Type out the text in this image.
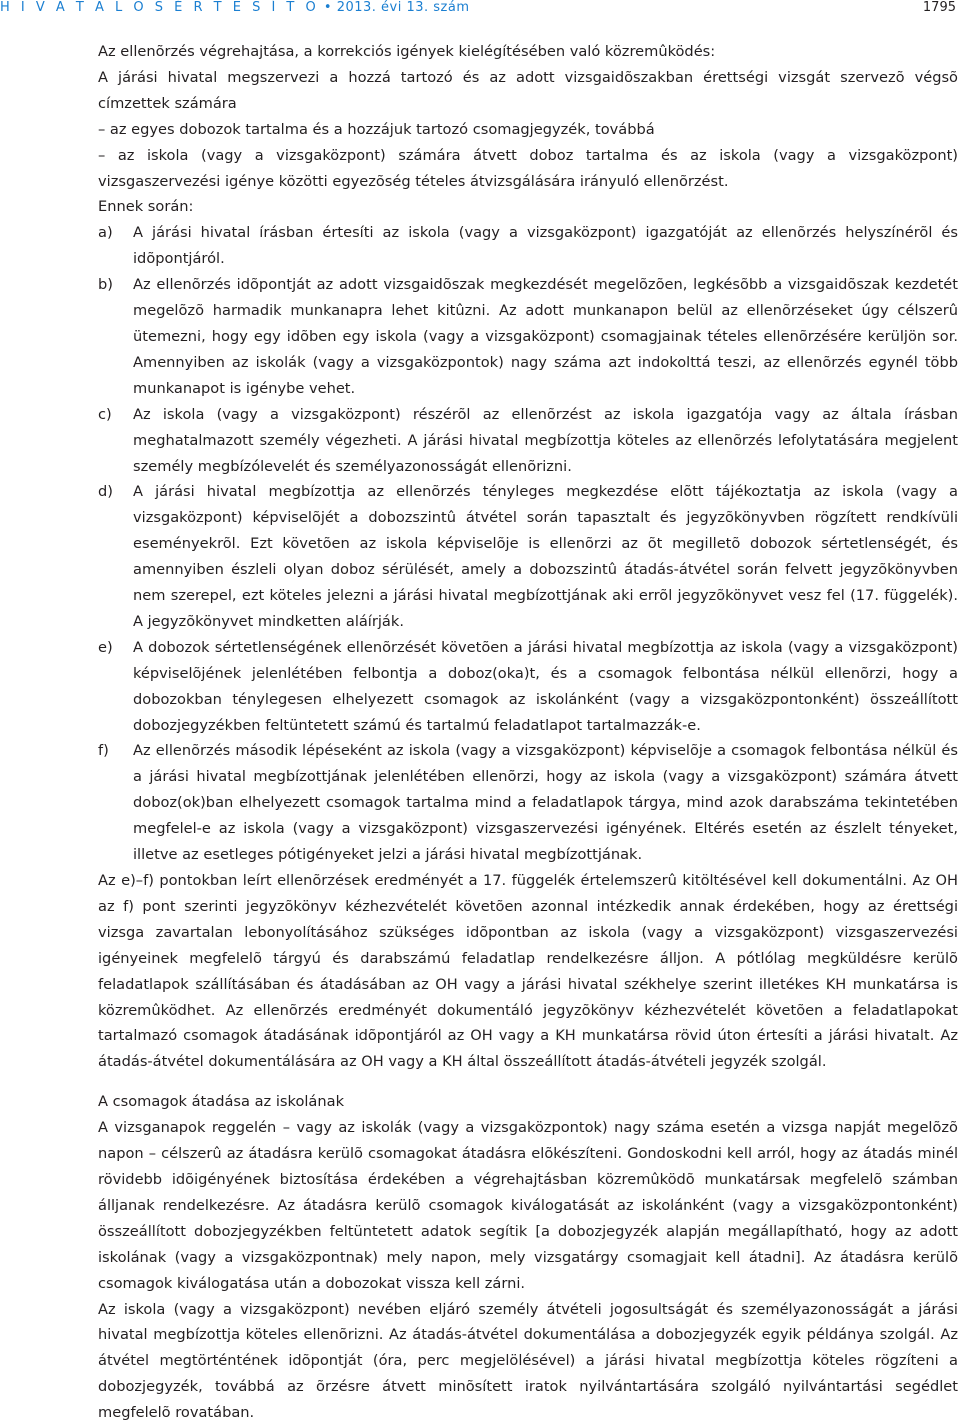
H I V A T A L O S É R T E S Í T Õ • 2013. évi 13. szám	1795

Az ellenõrzés végrehajtása, a korrekciós igények kielégítésében való közremûködés:

A járási hivatal megszervezi a hozzá tartozó és az adott vizsgaidõszakban érettségi vizsgát szervezõ végsõ címzettek számára

– az egyes dobozok tartalma és a hozzájuk tartozó csomagjegyzék, továbbá

– az iskola (vagy a vizsgaközpont) számára átvett doboz tartalma és az iskola (vagy a vizsgaközpont) vizsgaszervezési igénye közötti egyezõség tételes átvizsgálására irányuló ellenõrzést.

Ennek során:

a) A járási hivatal írásban értesíti az iskola (vagy a vizsgaközpont) igazgatóját az ellenõrzés helyszínérõl és idõpontjáról.
b) Az ellenõrzés idõpontját az adott vizsgaidõszak megkezdését megelõzõen, legkésõbb a vizsgaidõszak kezdetét megelõzõ harmadik munkanapra lehet kitûzni. Az adott munkanapon belül az ellenõrzéseket úgy célszerû ütemezni, hogy egy idõben egy iskola (vagy a vizsgaközpont) csomagjainak tételes ellenõrzésére kerüljön sor. Amennyiben az iskolák (vagy a vizsgaközpontok) nagy száma azt indokolttá teszi, az ellenõrzés egynél több munkanapot is igénybe vehet.
c) Az iskola (vagy a vizsgaközpont) részérõl az ellenõrzést az iskola igazgatója vagy az általa írásban meghatalmazott személy végezheti. A járási hivatal megbízottja köteles az ellenõrzés lefolytatására megjelent személy megbízólevelét és személyazonosságát ellenõrizni.
d) A járási hivatal megbízottja az ellenõrzés tényleges megkezdése elõtt tájékoztatja az iskola (vagy a vizsgaközpont) képviselõjét a dobozszintû átvétel során tapasztalt és jegyzõkönyvben rögzített rendkívüli eseményekrõl. Ezt követõen az iskola képviselõje is ellenõrzi az õt megilletõ dobozok sértetlenségét, és amennyiben észleli olyan doboz sérülését, amely a dobozszintû átadás-átvétel során felvett jegyzõkönyvben nem szerepel, ezt köteles jelezni a járási hivatal megbízottjának aki errõl jegyzõkönyvet vesz fel (17. függelék). A jegyzõkönyvet mindketten aláírják.
e) A dobozok sértetlenségének ellenõrzését követõen a járási hivatal megbízottja az iskola (vagy a vizsgaközpont) képviselõjének jelenlétében felbontja a doboz(oka)t, és a csomagok felbontása nélkül ellenõrzi, hogy a dobozokban ténylegesen elhelyezett csomagok az iskolánként (vagy a vizsgaközpontonként) összeállított dobozjegyzékben feltüntetett számú és tartalmú feladatlapot tartalmazzák-e.
f) Az ellenõrzés második lépéseként az iskola (vagy a vizsgaközpont) képviselõje a csomagok felbontása nélkül és a járási hivatal megbízottjának jelenlétében ellenõrzi, hogy az iskola (vagy a vizsgaközpont) számára átvett doboz(ok)ban elhelyezett csomagok tartalma mind a feladatlapok tárgya, mind azok darabszáma tekintetében megfelel-e az iskola (vagy a vizsgaközpont) vizsgaszervezési igényének. Eltérés esetén az észlelt tényeket, illetve az esetleges pótigényeket jelzi a járási hivatal megbízottjának.

Az e)–f) pontokban leírt ellenõrzések eredményét a 17. függelék értelemszerû kitöltésével kell dokumentálni. Az OH az f) pont szerinti jegyzõkönyv kézhezvételét követõen azonnal intézkedik annak érdekében, hogy az érettségi vizsga zavartalan lebonyolításához szükséges idõpontban az iskola (vagy a vizsgaközpont) vizsgaszervezési igényeinek megfelelõ tárgyú és darabszámú feladatlap rendelkezésre álljon. A pótlólag megküldésre kerülõ feladatlapok szállításában és átadásában az OH vagy a járási hivatal székhelye szerint illetékes KH munkatársa is közremûködhet. Az ellenõrzés eredményét dokumentáló jegyzõkönyv kézhezvételét követõen a feladatlapokat tartalmazó csomagok átadásának idõpontjáról az OH vagy a KH munkatársa rövid úton értesíti a járási hivatalt. Az átadás-átvétel dokumentálására az OH vagy a KH által összeállított átadás-átvételi jegyzék szolgál.

A csomagok átadása az iskolának

A vizsganapok reggelén – vagy az iskolák (vagy a vizsgaközpontok) nagy száma esetén a vizsga napját megelõzõ napon – célszerû az átadásra kerülõ csomagokat átadásra elõkészíteni. Gondoskodni kell arról, hogy az átadás minél rövidebb idõigényének biztosítása érdekében a végrehajtásban közremûködõ munkatársak megfelelõ számban álljanak rendelkezésre. Az átadásra kerülõ csomagok kiválogatását az iskolánként (vagy a vizsgaközpontonként) összeállított dobozjegyzékben feltüntetett adatok segítik [a dobozjegyzék alapján megállapítható, hogy az adott iskolának (vagy a vizsgaközpontnak) mely napon, mely vizsgatárgy csomagjait kell átadni]. Az átadásra kerülõ csomagok kiválogatása után a dobozokat vissza kell zárni.

Az iskola (vagy a vizsgaközpont) nevében eljáró személy átvételi jogosultságát és személyazonosságát a járási hivatal megbízottja köteles ellenõrizni. Az átadás-átvétel dokumentálása a dobozjegyzék egyik példánya szolgál. Az átvétel megtörténtének idõpontját (óra, perc megjelölésével) a járási hivatal megbízottja köteles rögzíteni a dobozjegyzék, továbbá az õrzésre átvett minõsített iratok nyilvántartására szolgáló nyilvántartási segédlet megfelelõ rovatában.
